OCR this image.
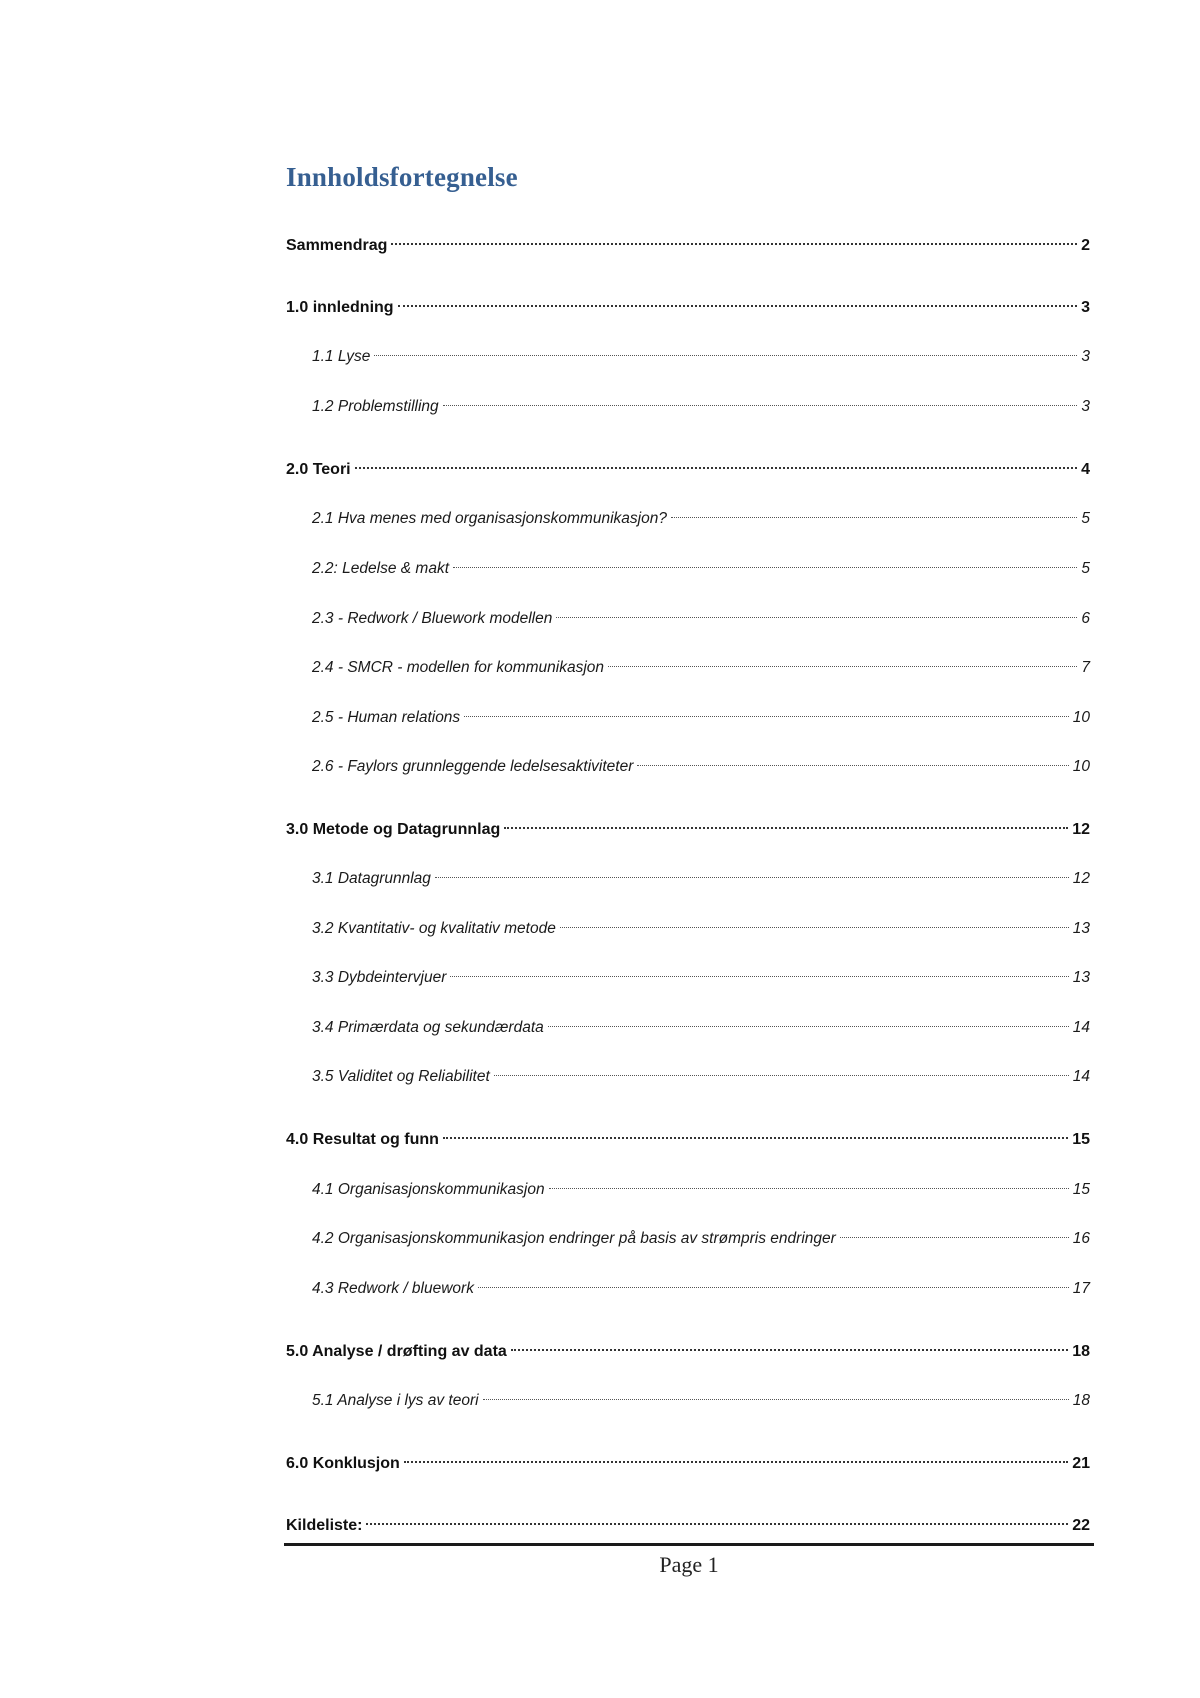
Innholdsfortegnelse
Sammendrag	2
1.0 innledning	3
1.1 Lyse	3
1.2 Problemstilling	3
2.0 Teori	4
2.1 Hva menes med organisasjonskommunikasjon?	5
2.2: Ledelse & makt	5
2.3 - Redwork / Bluework modellen	6
2.4 - SMCR - modellen for kommunikasjon	7
2.5 - Human relations	10
2.6 - Faylors grunnleggende ledelsesaktiviteter	10
3.0 Metode og Datagrunnlag	12
3.1 Datagrunnlag	12
3.2 Kvantitativ- og kvalitativ metode	13
3.3 Dybdeintervjuer	13
3.4 Primærdata og sekundærdata	14
3.5 Validitet og Reliabilitet	14
4.0 Resultat og funn	15
4.1 Organisasjonskommunikasjon	15
4.2 Organisasjonskommunikasjon endringer på basis av strømpris endringer	16
4.3 Redwork / bluework	17
5.0 Analyse / drøfting av data	18
5.1 Analyse i lys av teori	18
6.0 Konklusjon	21
Kildeliste:	22
Page 1
